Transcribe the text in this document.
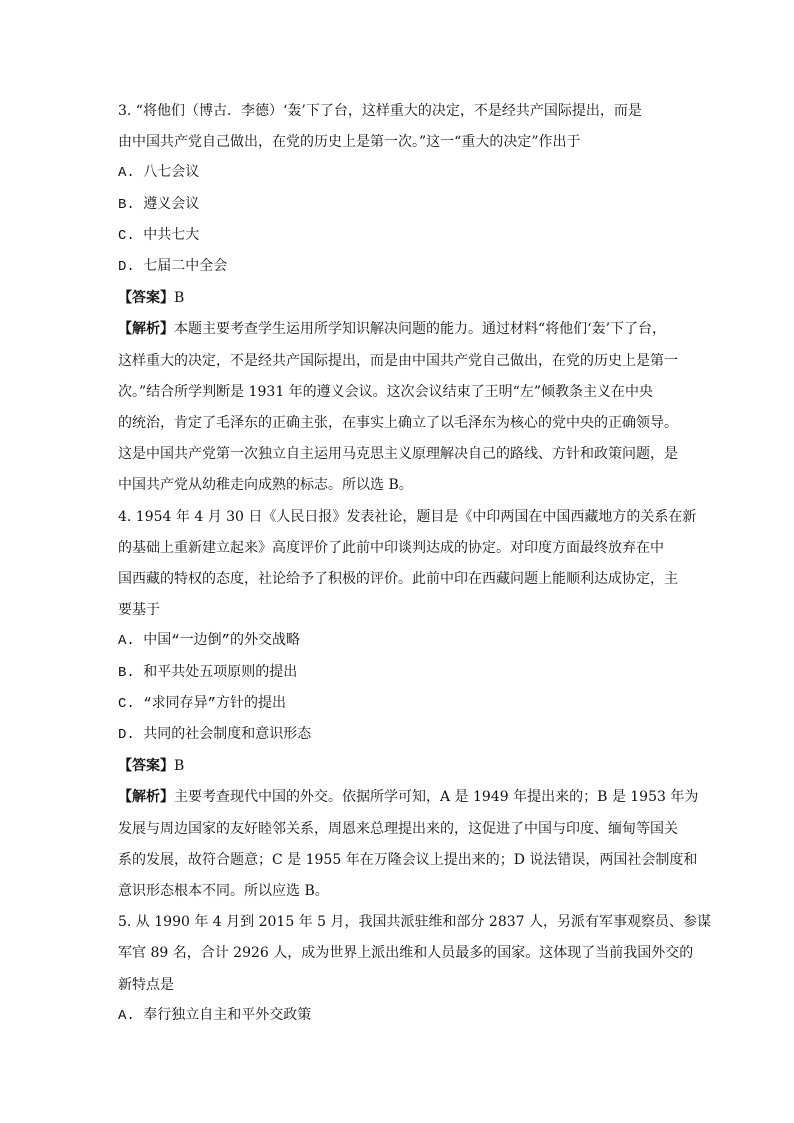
3. “将他们（博古．李德）‘轰’下了台，这样重大的决定，不是经共产国际提出，而是
由中国共产党自己做出，在党的历史上是第一次。”这一“重大的决定”作出于
A. 八七会议
B. 遵义会议
C. 中共七大
D. 七届二中全会
【答案】B
【解析】本题主要考查学生运用所学知识解决问题的能力。通过材料“将他们‘轰’下了台，
这样重大的决定，不是经共产国际提出，而是由中国共产党自己做出，在党的历史上是第一
次。”结合所学判断是 1931 年的遵义会议。这次会议结束了王明“左”倾教条主义在中央
的统治，肯定了毛泽东的正确主张，在事实上确立了以毛泽东为核心的党中央的正确领导。
这是中国共产党第一次独立自主运用马克思主义原理解决自己的路线、方针和政策问题，是
中国共产党从幼稚走向成熟的标志。所以选 B。
4. 1954 年 4 月 30 日《人民日报》发表社论，题目是《中印两国在中国西藏地方的关系在新
的基础上重新建立起来》高度评价了此前中印谈判达成的协定。对印度方面最终放弃在中
国西藏的特权的态度，社论给予了积极的评价。此前中印在西藏问题上能顺利达成协定，主
要基于
A. 中国“一边倒”的外交战略
B. 和平共处五项原则的提出
C. “求同存异”方针的提出
D. 共同的社会制度和意识形态
【答案】B
【解析】主要考查现代中国的外交。依据所学可知，A 是 1949 年提出来的；B 是 1953 年为
发展与周边国家的友好睦邻关系，周恩来总理提出来的，这促进了中国与印度、缅甸等国关
系的发展，故符合题意；C 是 1955 年在万隆会议上提出来的；D 说法错误，两国社会制度和
意识形态根本不同。所以应选 B。
5. 从 1990 年 4 月到 2015 年 5 月，我国共派驻维和部分 2837 人，另派有军事观察员、参谋
军官 89 名，合计 2926 人，成为世界上派出维和人员最多的国家。这体现了当前我国外交的
新特点是
A. 奉行独立自主和平外交政策
